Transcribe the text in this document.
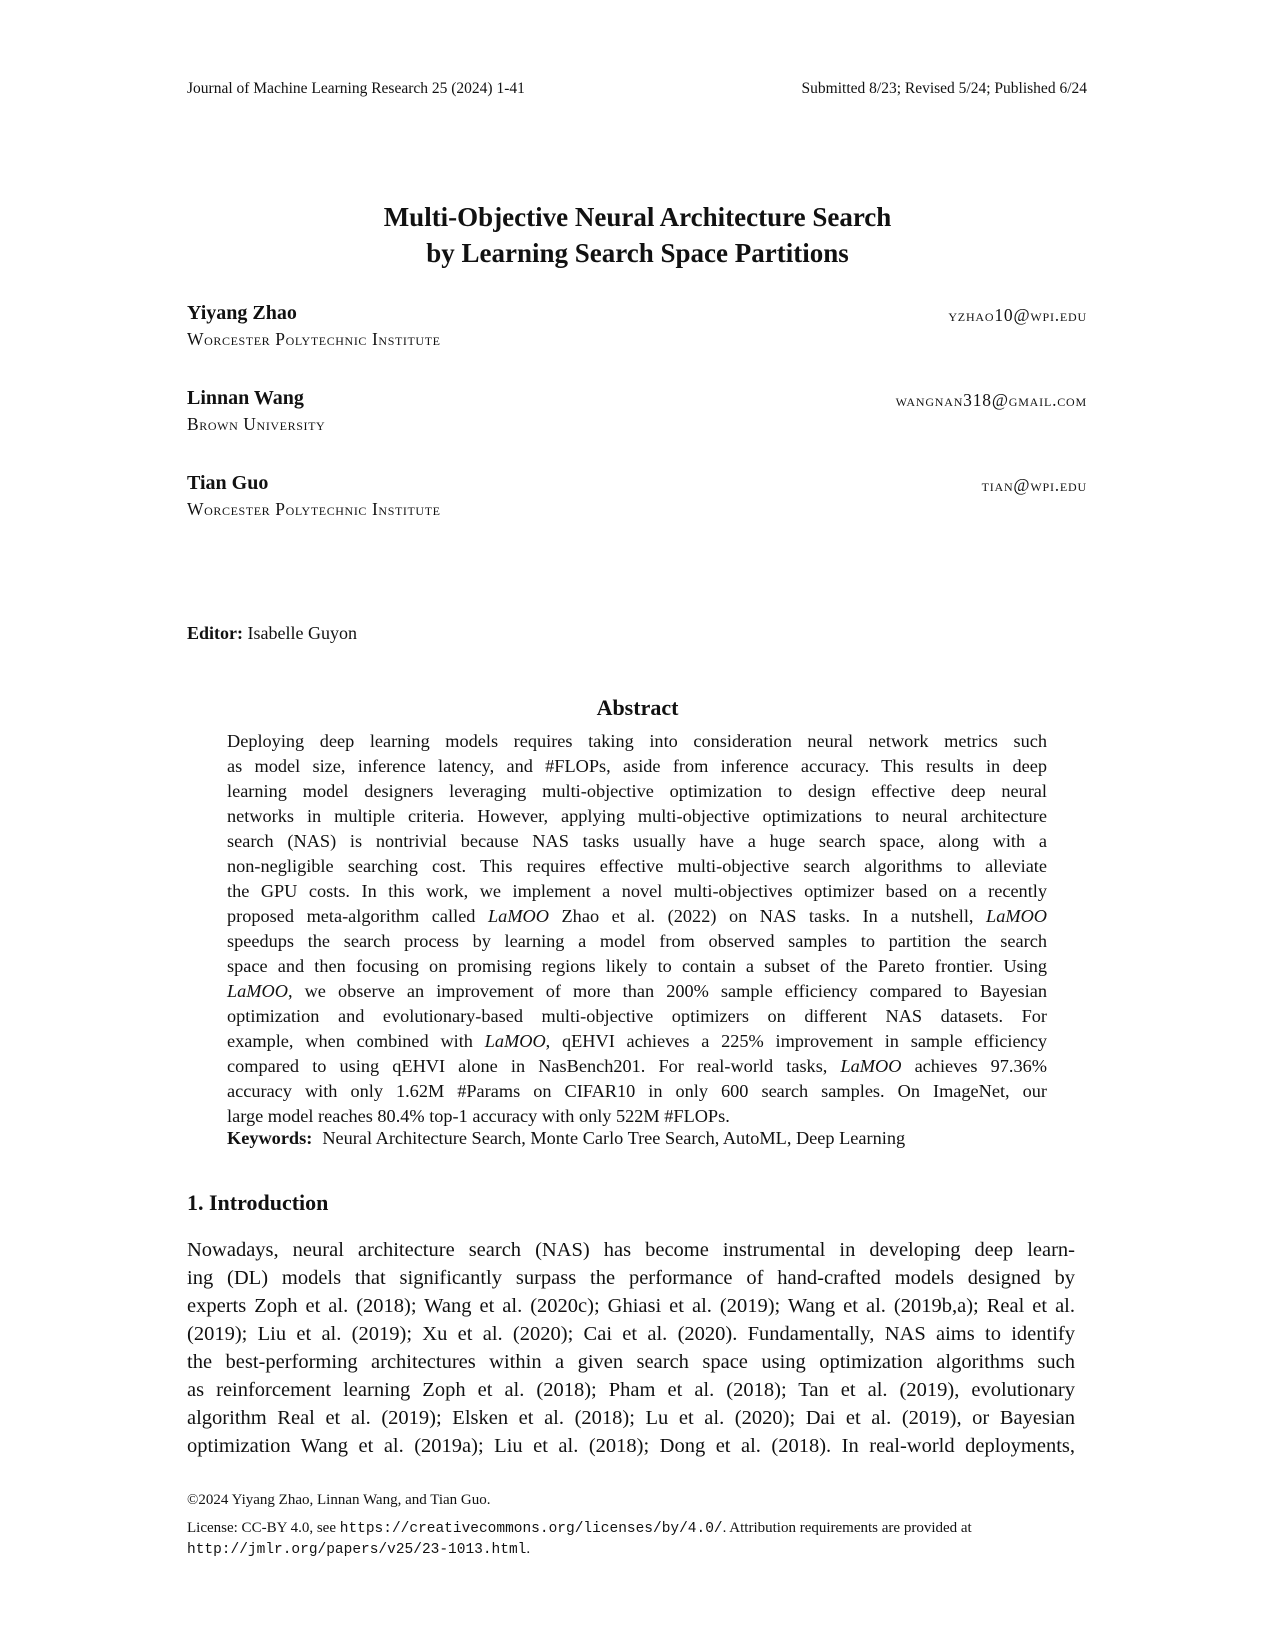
Journal of Machine Learning Research 25 (2024) 1-41	Submitted 8/23; Revised 5/24; Published 6/24
Multi-Objective Neural Architecture Search
by Learning Search Space Partitions
Yiyang Zhao	yzhao10@wpi.edu
Worcester Polytechnic Institute
Linnan Wang	wangnan318@gmail.com
Brown University
Tian Guo	tian@wpi.edu
Worcester Polytechnic Institute
Editor: Isabelle Guyon
Abstract
Deploying deep learning models requires taking into consideration neural network metrics such
as model size, inference latency, and #FLOPs, aside from inference accuracy. This results in deep
learning model designers leveraging multi-objective optimization to design effective deep neural
networks in multiple criteria. However, applying multi-objective optimizations to neural architecture
search (NAS) is nontrivial because NAS tasks usually have a huge search space, along with a
non-negligible searching cost. This requires effective multi-objective search algorithms to alleviate
the GPU costs. In this work, we implement a novel multi-objectives optimizer based on a recently
proposed meta-algorithm called LaMOO Zhao et al. (2022) on NAS tasks. In a nutshell, LaMOO
speedups the search process by learning a model from observed samples to partition the search
space and then focusing on promising regions likely to contain a subset of the Pareto frontier. Using
LaMOO, we observe an improvement of more than 200% sample efficiency compared to Bayesian
optimization and evolutionary-based multi-objective optimizers on different NAS datasets. For
example, when combined with LaMOO, qEHVI achieves a 225% improvement in sample efficiency
compared to using qEHVI alone in NasBench201. For real-world tasks, LaMOO achieves 97.36%
accuracy with only 1.62M #Params on CIFAR10 in only 600 search samples. On ImageNet, our
large model reaches 80.4% top-1 accuracy with only 522M #FLOPs.
Keywords: Neural Architecture Search, Monte Carlo Tree Search, AutoML, Deep Learning
1. Introduction
Nowadays, neural architecture search (NAS) has become instrumental in developing deep learn-
ing (DL) models that significantly surpass the performance of hand-crafted models designed by
experts Zoph et al. (2018); Wang et al. (2020c); Ghiasi et al. (2019); Wang et al. (2019b,a); Real et al.
(2019); Liu et al. (2019); Xu et al. (2020); Cai et al. (2020). Fundamentally, NAS aims to identify
the best-performing architectures within a given search space using optimization algorithms such
as reinforcement learning Zoph et al. (2018); Pham et al. (2018); Tan et al. (2019), evolutionary
algorithm Real et al. (2019); Elsken et al. (2018); Lu et al. (2020); Dai et al. (2019), or Bayesian
optimization Wang et al. (2019a); Liu et al. (2018); Dong et al. (2018). In real-world deployments,
©2024 Yiyang Zhao, Linnan Wang, and Tian Guo.
License: CC-BY 4.0, see https://creativecommons.org/licenses/by/4.0/. Attribution requirements are provided at
http://jmlr.org/papers/v25/23-1013.html.
